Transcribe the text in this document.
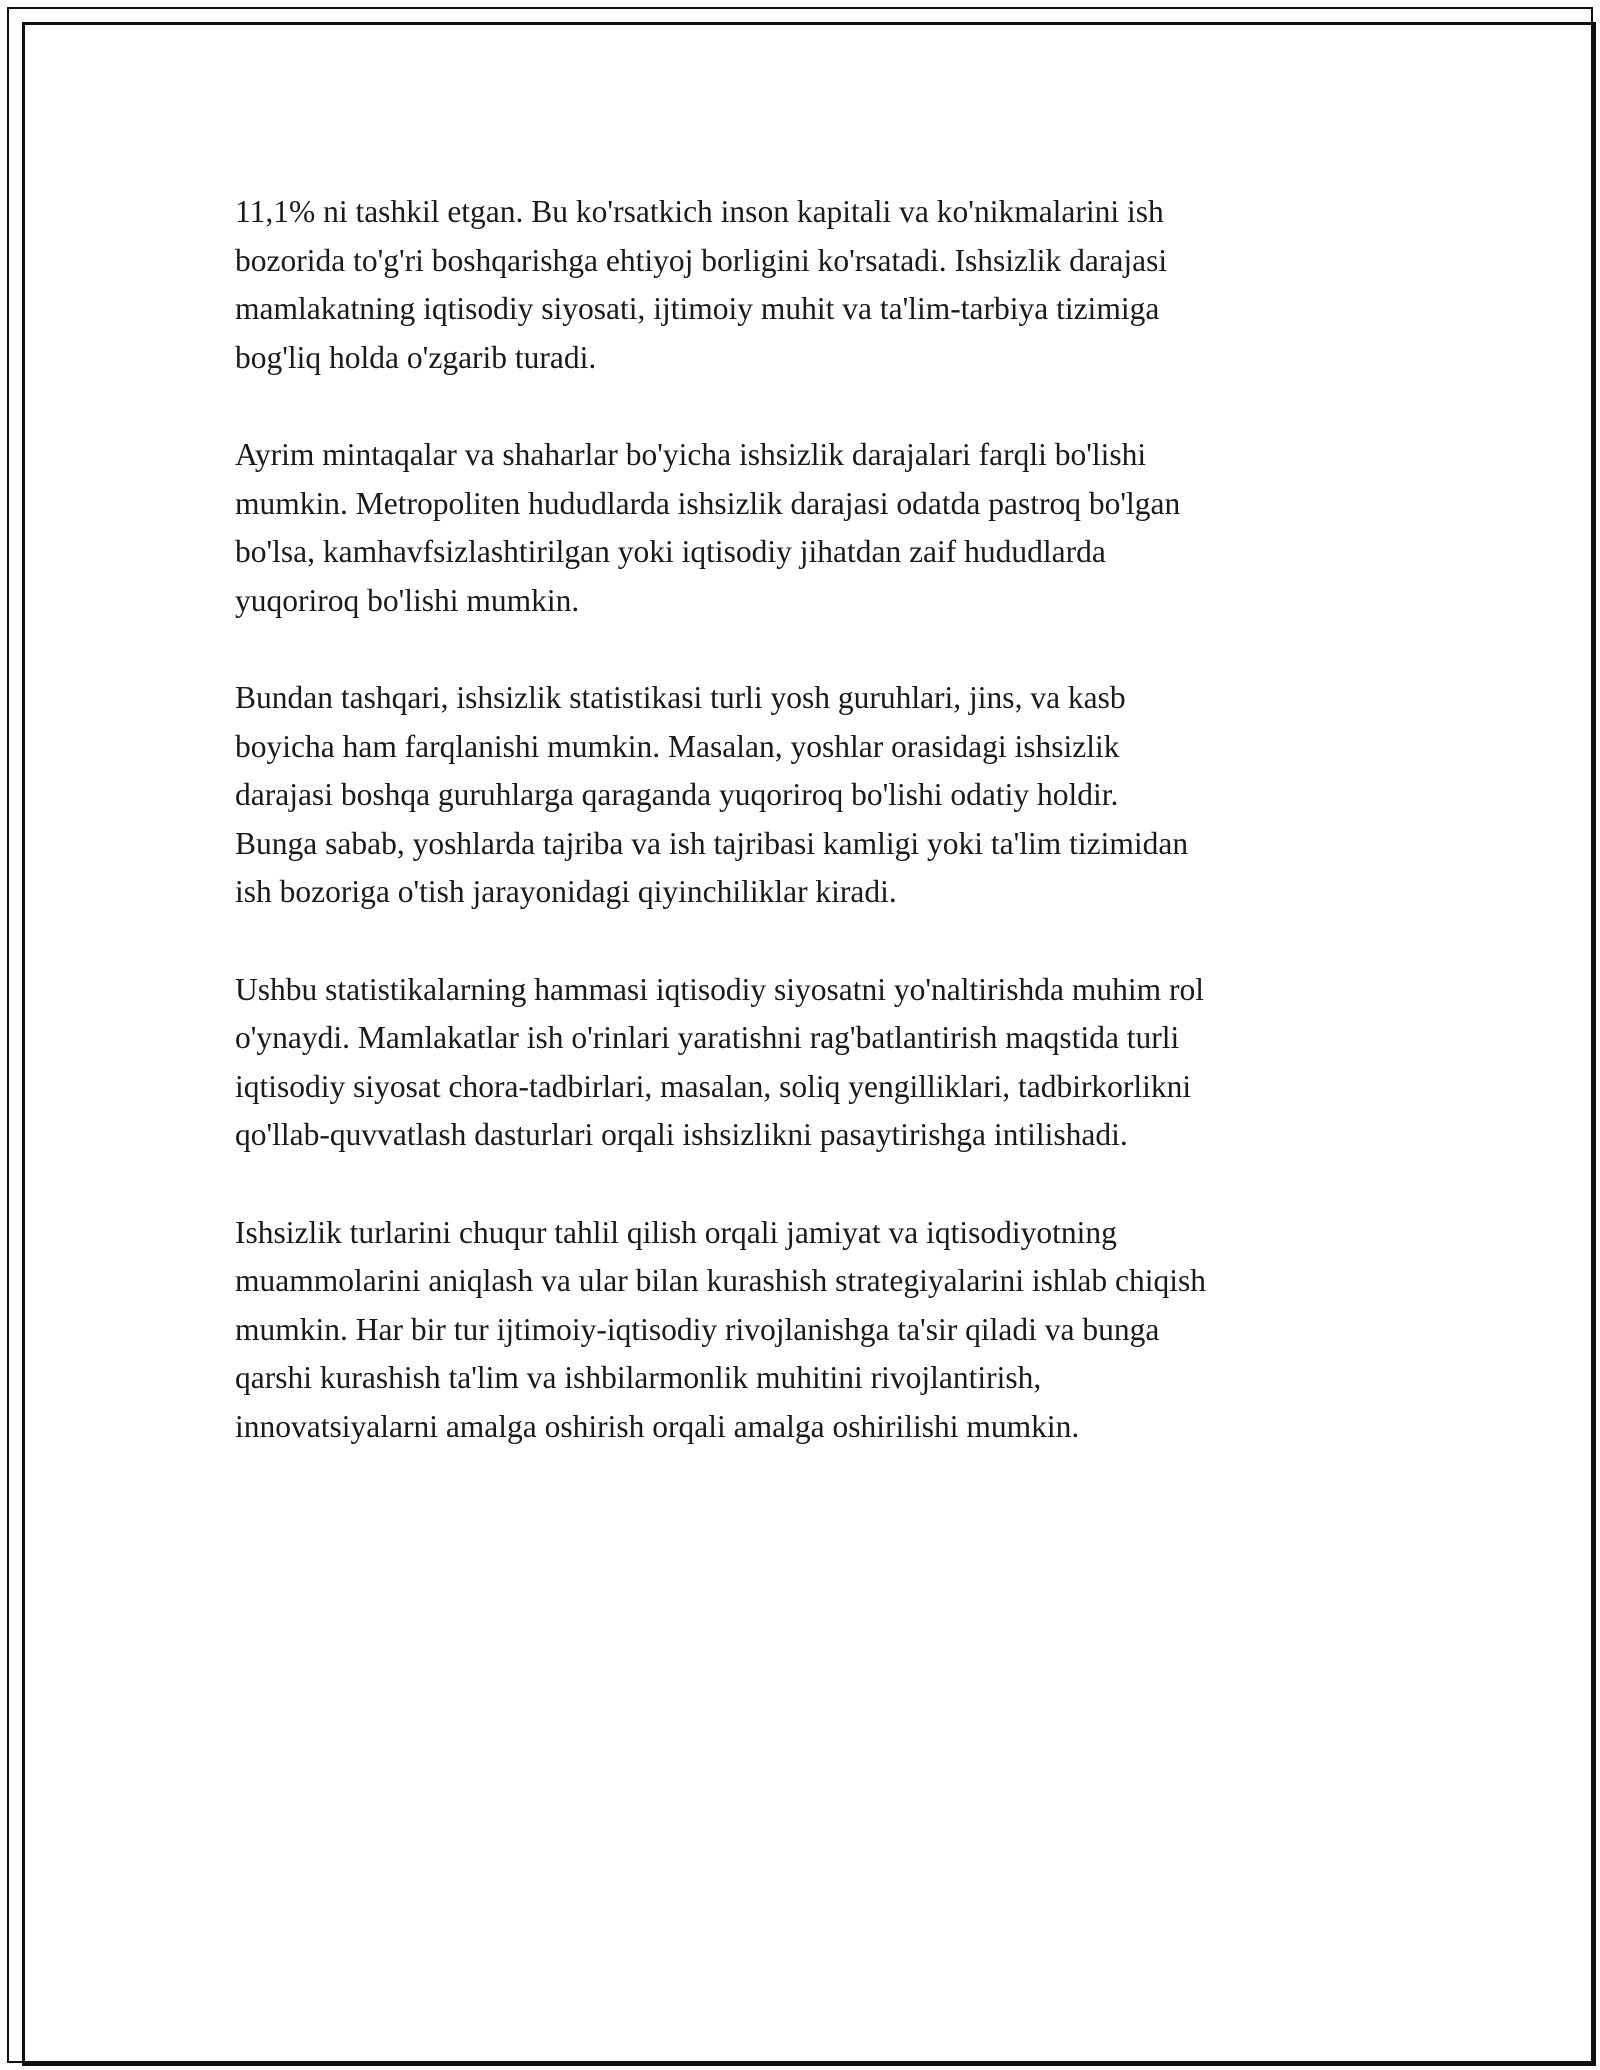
11,1% ni tashkil etgan. Bu ko'rsatkich inson kapitali va ko'nikmalarini ish
bozorida to'g'ri boshqarishga ehtiyoj borligini ko'rsatadi. Ishsizlik darajasi
mamlakatning iqtisodiy siyosati, ijtimoiy muhit va ta'lim-tarbiya tizimiga
bog'liq holda o'zgarib turadi.

Ayrim mintaqalar va shaharlar bo'yicha ishsizlik darajalari farqli bo'lishi
mumkin. Metropoliten hududlarda ishsizlik darajasi odatda pastroq bo'lgan
bo'lsa, kamhavfsizlashtirilgan yoki iqtisodiy jihatdan zaif hududlarda
yuqoriroq bo'lishi mumkin.

Bundan tashqari, ishsizlik statistikasi turli yosh guruhlari, jins, va kasb
boyicha ham farqlanishi mumkin. Masalan, yoshlar orasidagi ishsizlik
darajasi boshqa guruhlarga qaraganda yuqoriroq bo'lishi odatiy holdir.
Bunga sabab, yoshlarda tajriba va ish tajribasi kamligi yoki ta'lim tizimidan
ish bozoriga o'tish jarayonidagi qiyinchiliklar kiradi.

Ushbu statistikalarning hammasi iqtisodiy siyosatni yo'naltirishda muhim rol
o'ynaydi. Mamlakatlar ish o'rinlari yaratishni rag'batlantirish maqstida turli
iqtisodiy siyosat chora-tadbirlari, masalan, soliq yengilliklari, tadbirkorlikni
qo'llab-quvvatlash dasturlari orqali ishsizlikni pasaytirishga intilishadi.

Ishsizlik turlarini chuqur tahlil qilish orqali jamiyat va iqtisodiyotning
muammolarini aniqlash va ular bilan kurashish strategiyalarini ishlab chiqish
mumkin. Har bir tur ijtimoiy-iqtisodiy rivojlanishga ta'sir qiladi va bunga
qarshi kurashish ta'lim va ishbilarmonlik muhitini rivojlantirish,
innovatsiyalarni amalga oshirish orqali amalga oshirilishi mumkin.
